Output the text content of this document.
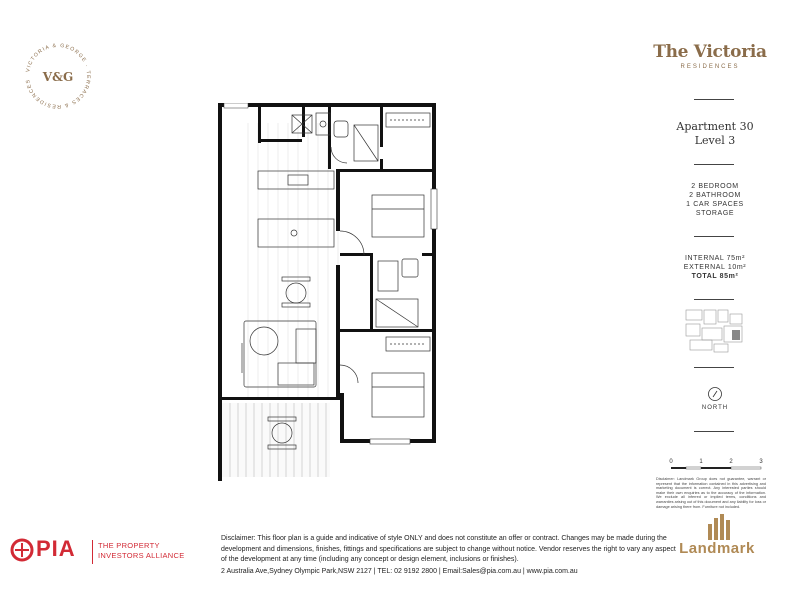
VICTORIA & GEORGE · TERRACES & RESIDENCES V&G
The Victoria
RESIDENCES
Apartment 30
Level 3
2 BEDROOM
2 BATHROOM
1 CAR SPACES
STORAGE
INTERNAL 75m²
EXTERNAL 10m²
TOTAL 85m²
NORTH
0	1	2	3
Disclaimer: Landmark Group does not guarantee, warrant or represent that the information contained in this advertising and marketing document is correct. Any interested parties should make their own enquiries as to the accuracy of the information. We exclude all inferred or implied terms, conditions and warranties arising out of this document and any liability for loss or damage arising there from. Furniture not included.
PIA	THE PROPERTY
INVESTORS ALLIANCE
Disclaimer: This floor plan is a guide and indicative of style ONLY and does not constitute an offer or contract. Changes may be made during the development and dimensions, finishes, fittings and specifications are subject to change without notice. Vendor reserves the right to vary any aspect of the development at any time (including any concept or design element, inclusions or finishes).
2 Australia Ave,Sydney Olympic Park,NSW 2127 | TEL: 02 9192 2800 | Email:Sales@pia.com.au | www.pia.com.au
Landmark
